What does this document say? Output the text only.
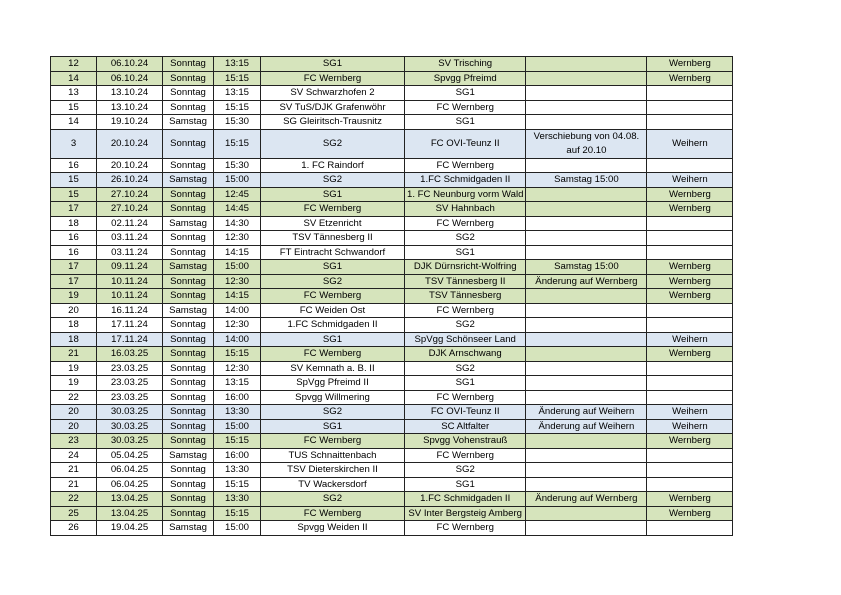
12	06.10.24	Sonntag	13:15	SG1	SV Trisching		Wernberg
14	06.10.24	Sonntag	15:15	FC Wernberg	Spvgg Pfreimd		Wernberg
13	13.10.24	Sonntag	13:15	SV Schwarzhofen 2	SG1		
15	13.10.24	Sonntag	15:15	SV TuS/DJK Grafenwöhr	FC Wernberg		
14	19.10.24	Samstag	15:30	SG Gleiritsch-Trausnitz	SG1		
3	20.10.24	Sonntag	15:15	SG2	FC OVI-Teunz II	Verschiebung von 04.08. auf 20.10	Weihern
16	20.10.24	Sonntag	15:30	1. FC Raindorf	FC Wernberg		
15	26.10.24	Samstag	15:00	SG2	1.FC Schmidgaden II	Samstag 15:00	Weihern
15	27.10.24	Sonntag	12:45	SG1	1. FC Neunburg vorm Wald		Wernberg
17	27.10.24	Sonntag	14:45	FC Wernberg	SV Hahnbach		Wernberg
18	02.11.24	Samstag	14:30	SV Etzenricht	FC Wernberg		
16	03.11.24	Sonntag	12:30	TSV Tännesberg II	SG2		
16	03.11.24	Sonntag	14:15	FT Eintracht Schwandorf	SG1		
17	09.11.24	Samstag	15:00	SG1	DJK Dürnsricht-Wolfring	Samstag 15:00	Wernberg
17	10.11.24	Sonntag	12:30	SG2	TSV Tännesberg II	Änderung auf Wernberg	Wernberg
19	10.11.24	Sonntag	14:15	FC Wernberg	TSV Tännesberg		Wernberg
20	16.11.24	Samstag	14:00	FC Weiden Ost	FC Wernberg		
18	17.11.24	Sonntag	12:30	1.FC Schmidgaden II	SG2		
18	17.11.24	Sonntag	14:00	SG1	SpVgg Schönseer Land		Weihern
21	16.03.25	Sonntag	15:15	FC Wernberg	DJK Arnschwang		Wernberg
19	23.03.25	Sonntag	12:30	SV Kemnath a. B. II	SG2		
19	23.03.25	Sonntag	13:15	SpVgg Pfreimd II	SG1		
22	23.03.25	Sonntag	16:00	Spvgg Willmering	FC Wernberg		
20	30.03.25	Sonntag	13:30	SG2	FC OVI-Teunz II	Änderung auf Weihern	Weihern
20	30.03.25	Sonntag	15:00	SG1	SC Altfalter	Änderung auf Weihern	Weihern
23	30.03.25	Sonntag	15:15	FC Wernberg	Spvgg Vohenstrauß		Wernberg
24	05.04.25	Samstag	16:00	TUS Schnaittenbach	FC Wernberg		
21	06.04.25	Sonntag	13:30	TSV Dieterskirchen II	SG2		
21	06.04.25	Sonntag	15:15	TV Wackersdorf	SG1		
22	13.04.25	Sonntag	13:30	SG2	1.FC Schmidgaden II	Änderung auf Wernberg	Wernberg
25	13.04.25	Sonntag	15:15	FC Wernberg	SV Inter Bergsteig Amberg		Wernberg
26	19.04.25	Samstag	15:00	Spvgg Weiden II	FC Wernberg		
